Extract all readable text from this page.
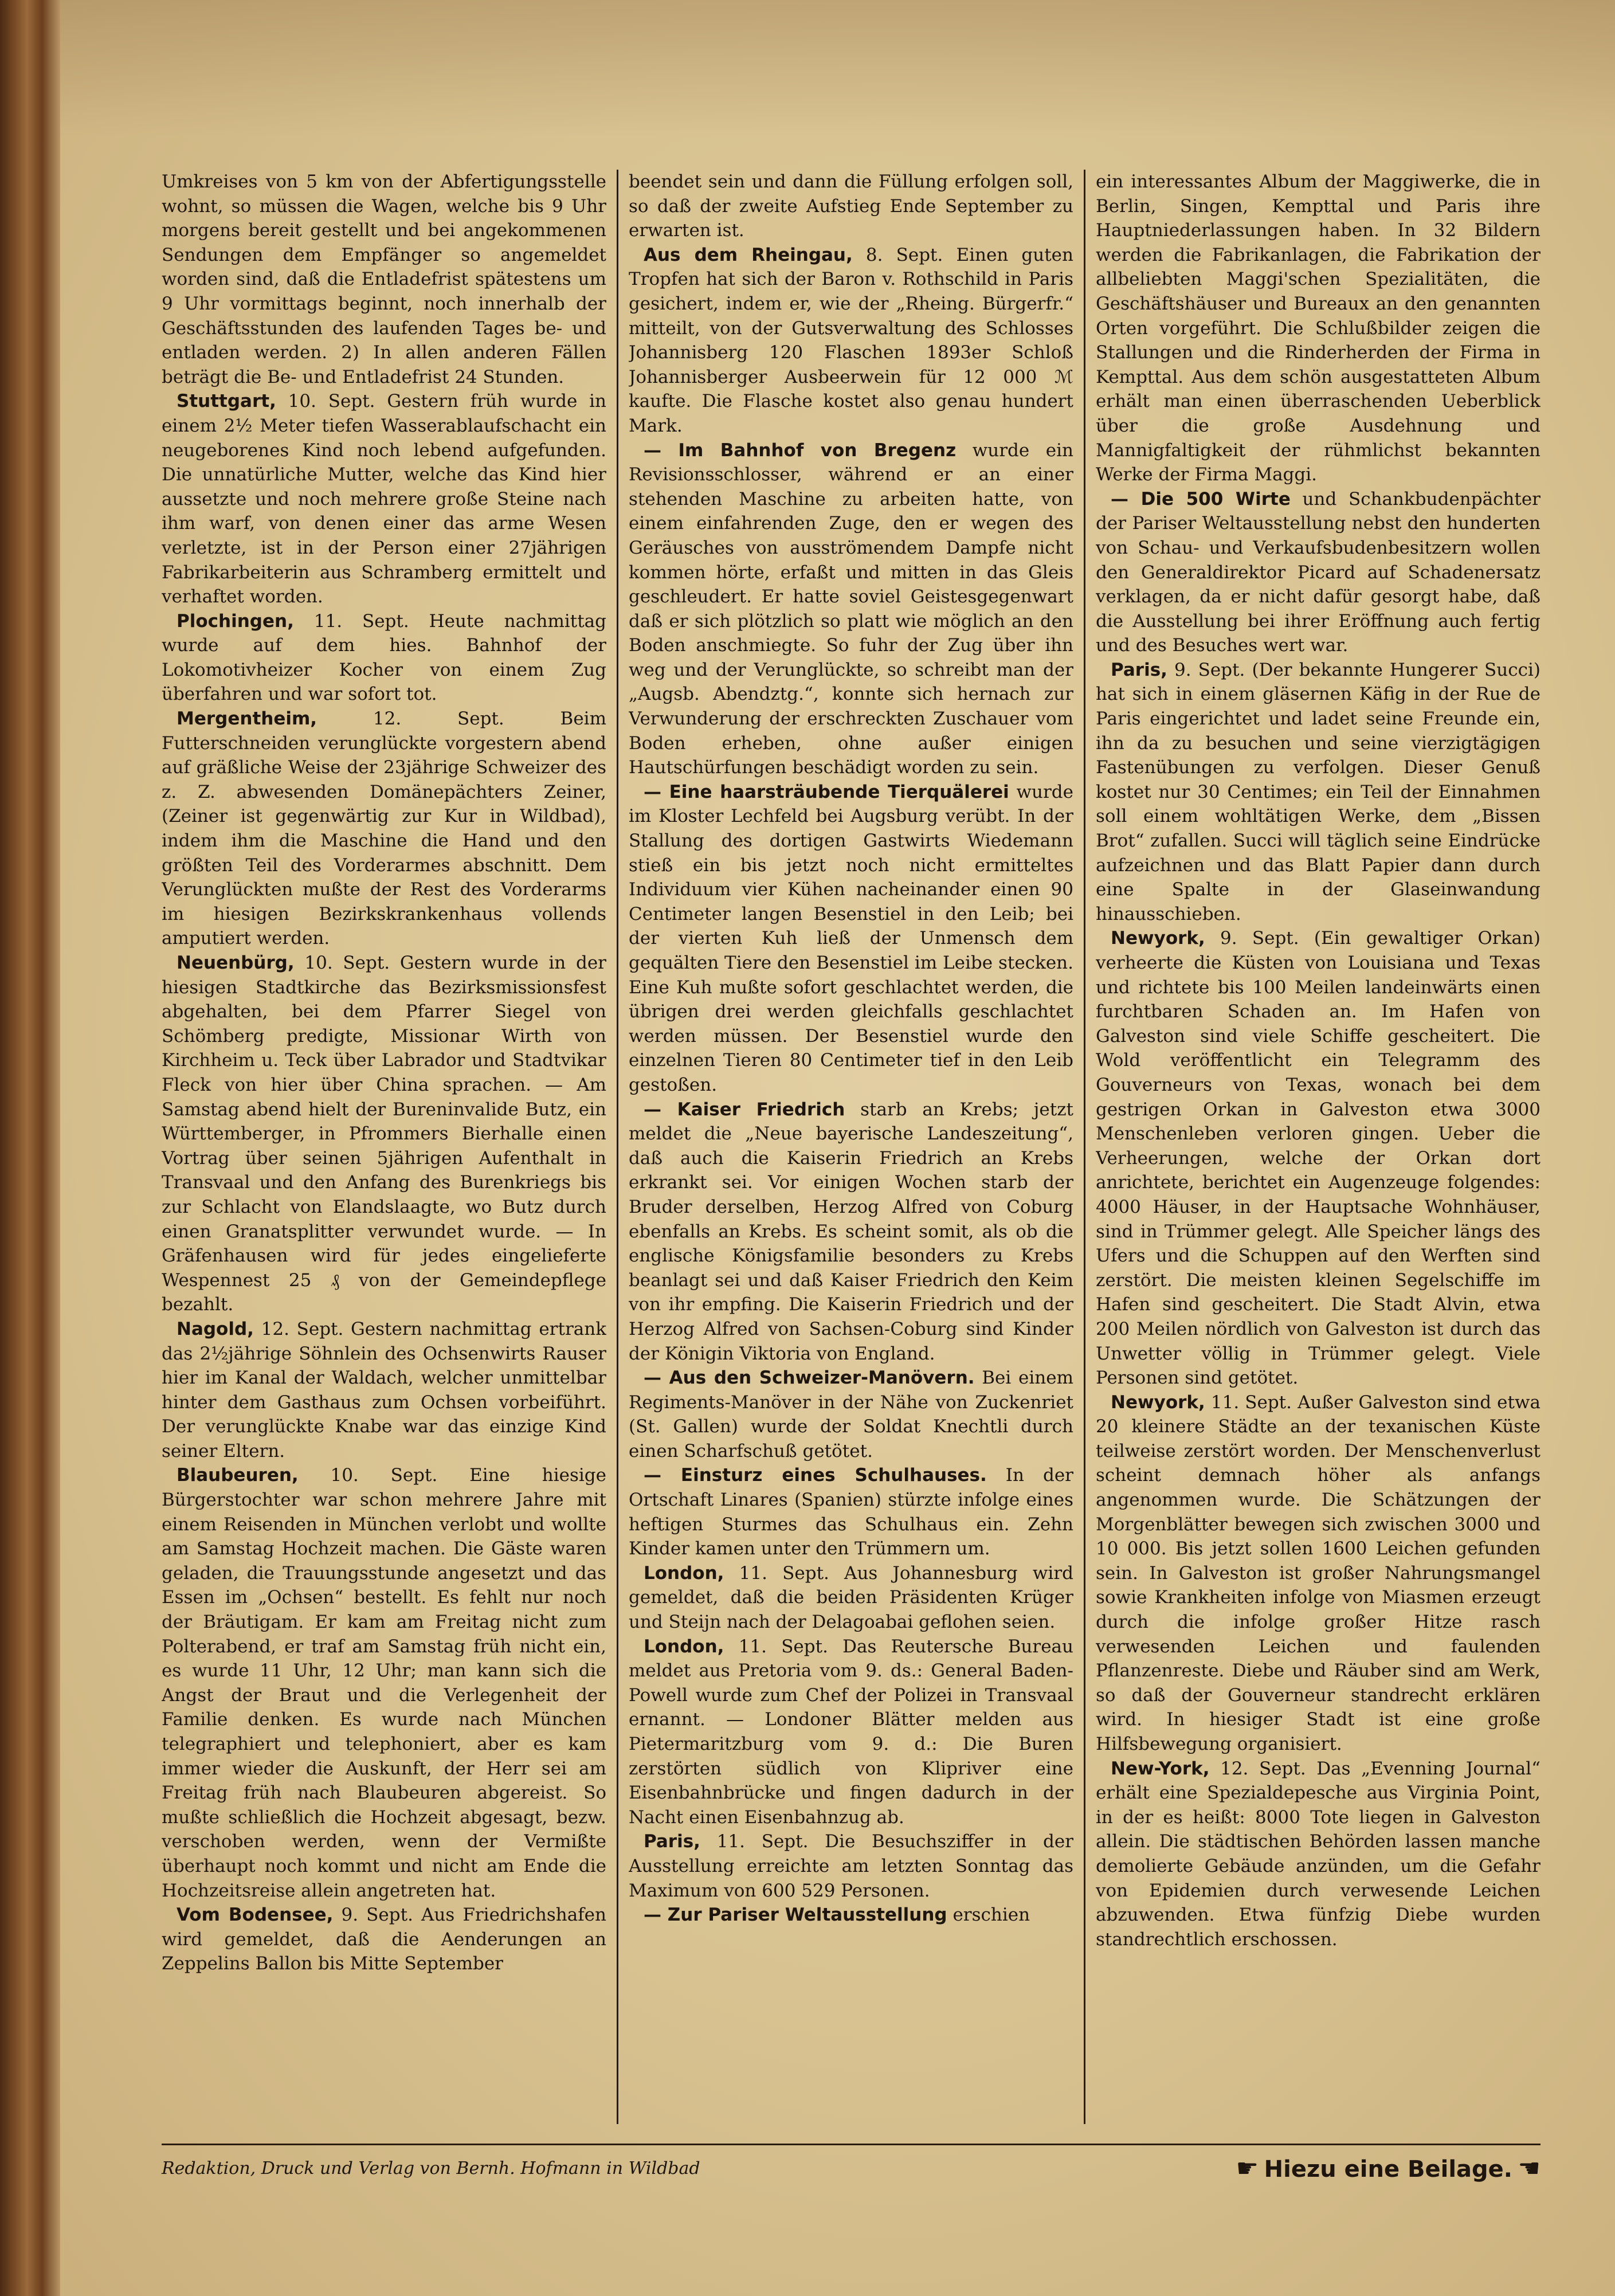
Umkreises von 5 km von der Abfertigungsstelle wohnt, so müssen die Wagen, welche bis 9 Uhr morgens bereit gestellt und bei angekommenen Sendungen dem Empfänger so angemeldet worden sind, daß die Entladefrist spätestens um 9 Uhr vormittags beginnt, noch innerhalb der Geschäftsstunden des laufenden Tages be- und entladen werden. 2) In allen anderen Fällen beträgt die Be- und Entladefrist 24 Stunden.

Stuttgart, 10. Sept. Gestern früh wurde in einem 2½ Meter tiefen Wasserablaufschacht ein neugeborenes Kind noch lebend aufgefunden. Die unnatürliche Mutter, welche das Kind hier aussetzte und noch mehrere große Steine nach ihm warf, von denen einer das arme Wesen verletzte, ist in der Person einer 27jährigen Fabrikarbeiterin aus Schramberg ermittelt und verhaftet worden.

Plochingen, 11. Sept. Heute nachmittag wurde auf dem hies. Bahnhof der Lokomotivheizer Kocher von einem Zug überfahren und war sofort tot.

Mergentheim,	12. Sept. Beim Futterschneiden verunglückte vorgestern abend auf gräßliche Weise der 23jährige Schweizer des z. Z. abwesenden Domänepächters Zeiner, (Zeiner ist gegenwärtig zur Kur in Wildbad), indem ihm die Maschine die Hand und den größten Teil des Vorderarmes abschnitt. Dem Verunglückten mußte der Rest des Vorderarms im hiesigen Bezirkskrankenhaus vollends amputiert werden.

Neuenbürg, 10. Sept. Gestern wurde in der hiesigen Stadtkirche das Bezirksmissionsfest abgehalten, bei dem Pfarrer Siegel von Schömberg predigte, Missionar Wirth von Kirchheim u. Teck über Labrador und Stadtvikar Fleck von hier über China sprachen. — Am Samstag abend hielt der Bureninvalide Butz, ein Württemberger, in Pfrommers Bierhalle einen Vortrag über seinen 5jährigen Aufenthalt in Transvaal und den Anfang des Burenkriegs bis zur Schlacht von Elandslaagte, wo Butz durch einen Granatsplitter verwundet wurde. — In Gräfenhausen wird für jedes eingelieferte Wespennest 25 ₰ von der Gemeindepflege bezahlt.

Nagold, 12. Sept. Gestern nachmittag ertrank das 2½jährige Söhnlein des Ochsenwirts Rauser hier im Kanal der Waldach, welcher unmittelbar hinter dem Gasthaus zum Ochsen vorbeiführt. Der verunglückte Knabe war das einzige Kind seiner Eltern.

Blaubeuren, 10. Sept. Eine hiesige Bürgerstochter war schon mehrere Jahre mit einem Reisenden in München verlobt und wollte am Samstag Hochzeit machen. Die Gäste waren geladen, die Trauungsstunde angesetzt und das Essen im „Ochsen“ bestellt. Es fehlt nur noch der Bräutigam. Er kam am Freitag nicht zum Polterabend, er traf am Samstag früh nicht ein, es wurde 11 Uhr, 12 Uhr; man kann sich die Angst der Braut und die Verlegenheit der Familie denken. Es wurde nach München telegraphiert und telephoniert, aber es kam immer wieder die Auskunft, der Herr sei am Freitag früh nach Blaubeuren abgereist. So mußte schließlich die Hochzeit abgesagt, bezw. verschoben werden, wenn der Vermißte überhaupt noch kommt und nicht am Ende die Hochzeitsreise allein angetreten hat.

Vom Bodensee, 9. Sept. Aus Friedrichshafen wird gemeldet, daß die Aenderungen an Zeppelins Ballon bis Mitte September

beendet sein und dann die Füllung erfolgen soll, so daß der zweite Aufstieg Ende September zu erwarten ist.

Aus dem Rheingau, 8. Sept. Einen guten Tropfen hat sich der Baron v. Rothschild in Paris gesichert, indem er, wie der „Rheing. Bürgerfr.“ mitteilt, von der Gutsverwaltung des Schlosses Johannisberg 120 Flaschen 1893er Schloß Johannisberger Ausbeerwein für 12 000 ℳ kaufte. Die Flasche kostet also genau hundert Mark.

— Im Bahnhof von Bregenz wurde ein Revisionsschlosser, während er an einer stehenden Maschine zu arbeiten hatte, von einem einfahrenden Zuge, den er wegen des Geräusches von ausströmendem Dampfe nicht kommen hörte, erfaßt und mitten in das Gleis geschleudert. Er hatte soviel Geistesgegenwart daß er sich plötzlich so platt wie möglich an den Boden anschmiegte. So fuhr der Zug über ihn weg und der Verunglückte, so schreibt man der „Augsb. Abendztg.“, konnte sich hernach zur Verwunderung der erschreckten Zuschauer vom Boden erheben, ohne außer einigen Hautschürfungen beschädigt worden zu sein.

— Eine haarsträubende Tierquälerei wurde im Kloster Lechfeld bei Augsburg verübt. In der Stallung des dortigen Gastwirts Wiedemann stieß ein bis jetzt noch nicht ermitteltes Individuum vier Kühen nacheinander einen 90 Centimeter langen Besenstiel in den Leib; bei der vierten Kuh ließ der Unmensch dem gequälten Tiere den Besenstiel im Leibe stecken. Eine Kuh mußte sofort geschlachtet werden, die übrigen drei werden gleichfalls geschlachtet werden müssen. Der Besenstiel wurde den einzelnen Tieren 80 Centimeter tief in den Leib gestoßen.

— Kaiser Friedrich starb an Krebs; jetzt meldet die „Neue bayerische Landeszeitung“, daß auch die Kaiserin Friedrich an Krebs erkrankt sei. Vor einigen Wochen starb der Bruder derselben, Herzog Alfred von Coburg ebenfalls an Krebs. Es scheint somit, als ob die englische Königsfamilie besonders zu Krebs beanlagt sei und daß Kaiser Friedrich den Keim von ihr empfing. Die Kaiserin Friedrich und der Herzog Alfred von Sachsen-Coburg sind Kinder der Königin Viktoria von England.

— Aus den Schweizer-Manövern. Bei einem Regiments-Manöver in der Nähe von Zuckenriet (St. Gallen) wurde der Soldat Knechtli durch einen Scharfschuß getötet.

— Einsturz eines Schulhauses. In der Ortschaft Linares (Spanien) stürzte infolge eines heftigen Sturmes das Schulhaus ein. Zehn Kinder kamen unter den Trümmern um.

London, 11. Sept. Aus Johannesburg wird gemeldet, daß die beiden Präsidenten Krüger und Steijn nach der Delagoabai geflohen seien.

London, 11. Sept. Das Reutersche Bureau meldet aus Pretoria vom 9. ds.: General Baden-Powell wurde zum Chef der Polizei in Transvaal ernannt. — Londoner Blätter melden aus Pietermaritzburg vom 9. d.: Die Buren zerstörten südlich von Klipriver eine Eisenbahnbrücke und fingen dadurch in der Nacht einen Eisenbahnzug ab.

Paris, 11. Sept. Die Besuchsziffer in der Ausstellung erreichte am letzten Sonntag das Maximum von 600 529 Personen.

— Zur Pariser Weltausstellung erschien

ein interessantes Album der Maggiwerke, die in Berlin, Singen, Kempttal und Paris ihre Hauptniederlassungen haben. In 32 Bildern werden die Fabrikanlagen, die Fabrikation der allbeliebten Maggi'schen Spezialitäten, die Geschäftshäuser und Bureaux an den genannten Orten vorgeführt. Die Schlußbilder zeigen die Stallungen und die Rinderherden der Firma in Kempttal. Aus dem schön ausgestatteten Album erhält man einen überraschenden Ueberblick über die große Ausdehnung und Mannigfaltigkeit der rühmlichst bekannten Werke der Firma Maggi.

— Die 500 Wirte und Schankbudenpächter der Pariser Weltausstellung nebst den hunderten von Schau- und Verkaufsbudenbesitzern wollen den Generaldirektor Picard auf Schadenersatz verklagen, da er nicht dafür gesorgt habe, daß die Ausstellung bei ihrer Eröffnung auch fertig und des Besuches wert war.

Paris, 9. Sept. (Der bekannte Hungerer Succi) hat sich in einem gläsernen Käfig in der Rue de Paris eingerichtet und ladet seine Freunde ein, ihn da zu besuchen und seine vierzigtägigen Fastenübungen zu verfolgen. Dieser Genuß kostet nur 30 Centimes; ein Teil der Einnahmen soll einem wohltätigen Werke, dem „Bissen Brot“ zufallen. Succi will täglich seine Eindrücke aufzeichnen und das Blatt Papier dann durch eine Spalte in der Glaseinwandung hinausschieben.

Newyork, 9. Sept. (Ein gewaltiger Orkan) verheerte die Küsten von Louisiana und Texas und richtete bis 100 Meilen landeinwärts einen furchtbaren Schaden an. Im Hafen von Galveston sind viele Schiffe gescheitert. Die Wold veröffentlicht ein Telegramm des Gouverneurs von Texas, wonach bei dem gestrigen Orkan in Galveston etwa 3000 Menschenleben verloren gingen. Ueber die Verheerungen, welche der Orkan dort anrichtete, berichtet ein Augenzeuge folgendes: 4000 Häuser, in der Hauptsache Wohnhäuser, sind in Trümmer gelegt. Alle Speicher längs des Ufers und die Schuppen auf den Werften sind zerstört. Die meisten kleinen Segelschiffe im Hafen sind gescheitert. Die Stadt Alvin, etwa 200 Meilen nördlich von Galveston ist durch das Unwetter völlig in Trümmer gelegt. Viele Personen sind getötet.

Newyork, 11. Sept. Außer Galveston sind etwa 20 kleinere Städte an der texanischen Küste teilweise zerstört worden. Der Menschenverlust scheint demnach höher als anfangs angenommen wurde. Die Schätzungen der Morgenblätter bewegen sich zwischen 3000 und 10 000. Bis jetzt sollen 1600 Leichen gefunden sein. In Galveston ist großer Nahrungsmangel sowie Krankheiten infolge von Miasmen erzeugt durch die infolge großer Hitze rasch verwesenden Leichen und faulenden Pflanzenreste. Diebe und Räuber sind am Werk, so daß der Gouverneur standrecht erklären wird. In hiesiger Stadt ist eine große Hilfsbewegung organisiert.

New-York, 12. Sept. Das „Evenning Journal“ erhält eine Spezialdepesche aus Virginia Point, in der es heißt: 8000 Tote liegen in Galveston allein. Die städtischen Behörden lassen manche demolierte Gebäude anzünden, um die Gefahr von Epidemien durch verwesende Leichen abzuwenden. Etwa fünfzig Diebe wurden standrechtlich erschossen.

Redaktion, Druck und Verlag von Bernh. Hofmann in Wildbad	☛ Hiezu eine Beilage. ☚
